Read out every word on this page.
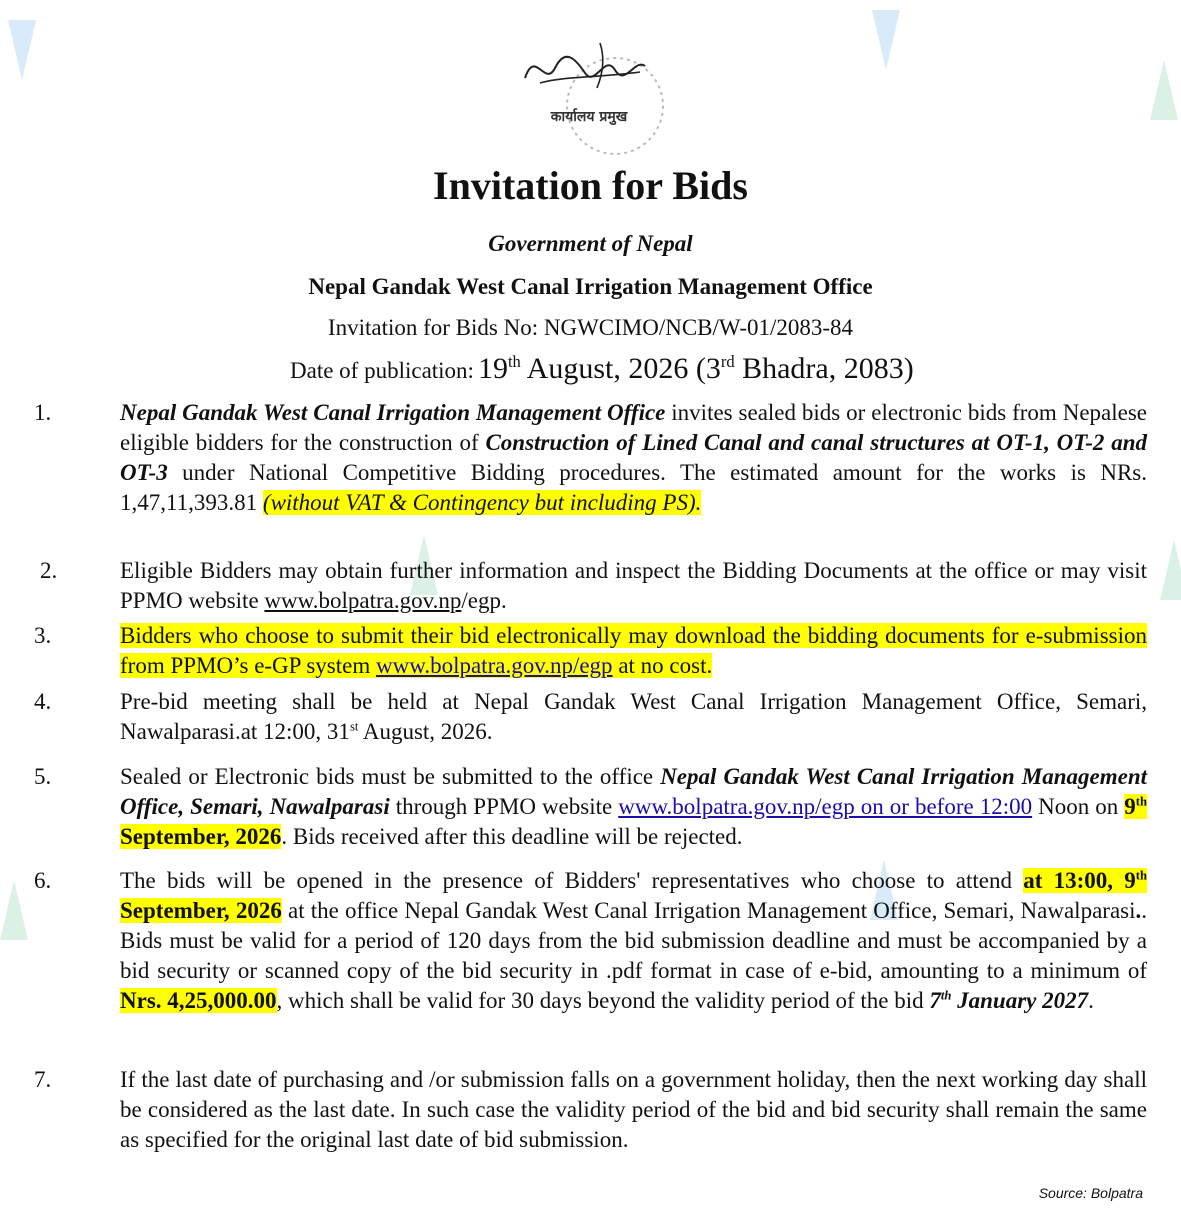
कार्यालय प्रमुख
Invitation for Bids
Government of Nepal
Nepal Gandak West Canal Irrigation Management Office
Invitation for Bids No: NGWCIMO/NCB/W-01/2083-84
Date of publication: 19th August, 2026 (3rd Bhadra, 2083)
1.	Nepal Gandak West Canal Irrigation Management Office invites sealed bids or electronic bids from Nepalese eligible bidders for the construction of Construction of Lined Canal and canal structures at OT-1, OT-2 and OT-3 under National Competitive Bidding procedures. The estimated amount for the works is NRs. 1,47,11,393.81 (without VAT & Contingency but including PS).
2.	Eligible Bidders may obtain further information and inspect the Bidding Documents at the office or may visit PPMO website www.bolpatra.gov.np/egp.
3.	Bidders who choose to submit their bid electronically may download the bidding documents for e-submission from PPMO’s e-GP system www.bolpatra.gov.np/egp at no cost.
4.	Pre-bid meeting shall be held at Nepal Gandak West Canal Irrigation Management Office, Semari, Nawalparasi.at 12:00, 31st August, 2026.
5.	Sealed or Electronic bids must be submitted to the office Nepal Gandak West Canal Irrigation Management Office, Semari, Nawalparasi through PPMO website www.bolpatra.gov.np/egp on or before 12:00 Noon on 9th September, 2026. Bids received after this deadline will be rejected.
6.	The bids will be opened in the presence of Bidders' representatives who choose to attend at 13:00, 9th September, 2026 at the office Nepal Gandak West Canal Irrigation Management Office, Semari, Nawalparasi.. Bids must be valid for a period of 120 days from the bid submission deadline and must be accompanied by a bid security or scanned copy of the bid security in .pdf format in case of e-bid, amounting to a minimum of Nrs. 4,25,000.00, which shall be valid for 30 days beyond the validity period of the bid 7th January 2027.
7.	If the last date of purchasing and /or submission falls on a government holiday, then the next working day shall be considered as the last date. In such case the validity period of the bid and bid security shall remain the same as specified for the original last date of bid submission.
Source: Bolpatra
